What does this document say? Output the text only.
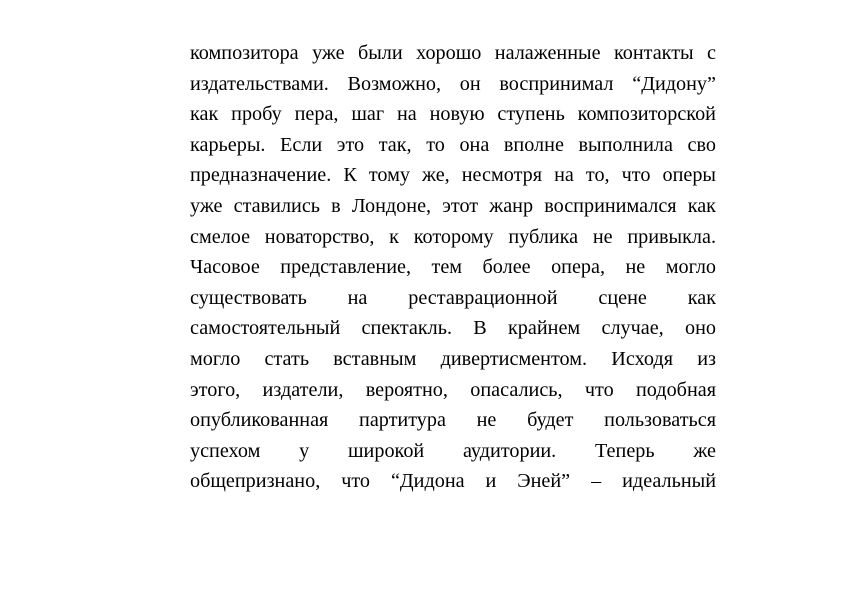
композитора уже были хорошо налаженные контакты с
издательствами. Возможно, он воспринимал “Дидону”
как пробу пера, шаг на новую ступень композиторской
карьеры. Если это так, то она вполне выполнила сво
предназначение. К тому же, несмотря на то, что оперы
уже ставились в Лондоне, этот жанр воспринимался как
смелое новаторство, к которому публика не привыкла.
Часовое представление, тем более опера, не могло
существовать на реставрационной сцене как
самостоятельный спектакль. В крайнем случае, оно
могло стать вставным дивертисментом. Исходя из
этого, издатели, вероятно, опасались, что подобная
опубликованная партитура не будет пользоваться
успехом у широкой аудитории. Теперь же
общепризнано, что “Дидона и Эней” – идеальный
